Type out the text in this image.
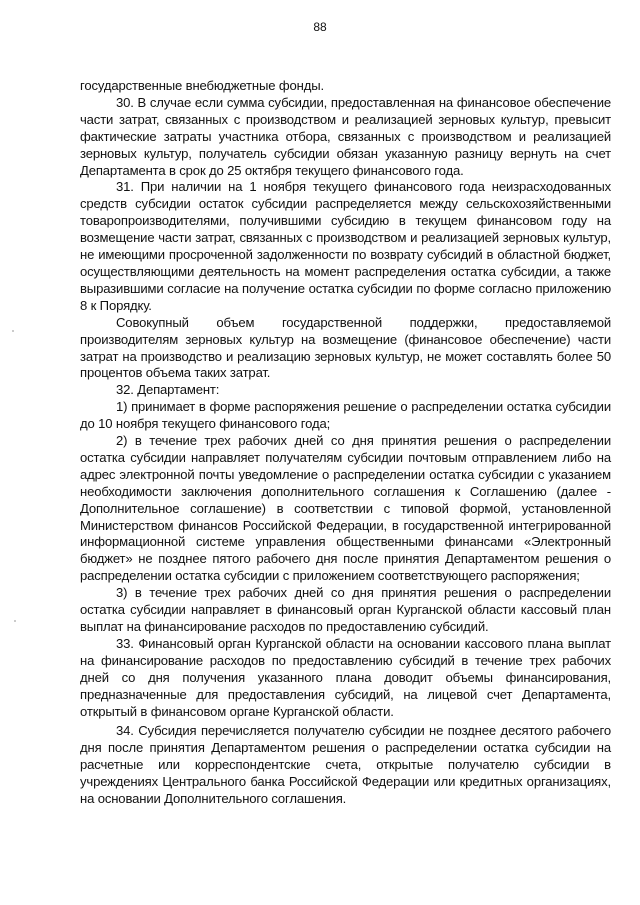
88

государственные внебюджетные фонды.

30. В случае если сумма субсидии, предоставленная на финансовое обеспечение части затрат, связанных с производством и реализацией зерновых культур, превысит фактические затраты участника отбора, связанных с производством и реализацией зерновых культур, получатель субсидии обязан указанную разницу вернуть на счет Департамента в срок до 25 октября текущего финансового года.

31. При наличии на 1 ноября текущего финансового года неизрасходованных средств субсидии остаток субсидии распределяется между сельскохозяйственными товаропроизводителями, получившими субсидию в текущем финансовом году на возмещение части затрат, связанных с производством и реализацией зерновых культур, не имеющими просроченной задолженности по возврату субсидий в областной бюджет, осуществляющими деятельность на момент распределения остатка субсидии, а также выразившими согласие на получение остатка субсидии по форме согласно приложению 8 к Порядку.

Совокупный объем государственной поддержки, предоставляемой производителям зерновых культур на возмещение (финансовое обеспечение) части затрат на производство и реализацию зерновых культур, не может составлять более 50 процентов объема таких затрат.

32. Департамент:

1) принимает в форме распоряжения решение о распределении остатка субсидии до 10 ноября текущего финансового года;

2) в течение трех рабочих дней со дня принятия решения о распределении остатка субсидии направляет получателям субсидии почтовым отправлением либо на адрес электронной почты уведомление о распределении остатка субсидии с указанием необходимости заключения дополнительного соглашения к Соглашению (далее - Дополнительное соглашение) в соответствии с типовой формой, установленной Министерством финансов Российской Федерации, в государственной интегрированной информационной системе управления общественными финансами «Электронный бюджет» не позднее пятого рабочего дня после принятия Департаментом решения о распределении остатка субсидии с приложением соответствующего распоряжения;

3) в течение трех рабочих дней со дня принятия решения о распределении остатка субсидии направляет в финансовый орган Курганской области кассовый план выплат на финансирование расходов по предоставлению субсидий.

33. Финансовый орган Курганской области на основании кассового плана выплат на финансирование расходов по предоставлению субсидий в течение трех рабочих дней со дня получения указанного плана доводит объемы финансирования, предназначенные для предоставления субсидий, на лицевой счет Департамента, открытый в финансовом органе Курганской области.

34. Субсидия перечисляется получателю субсидии не позднее десятого рабочего дня после принятия Департаментом решения о распределении остатка субсидии на расчетные или корреспондентские счета, открытые получателю субсидии в учреждениях Центрального банка Российской Федерации или кредитных организациях, на основании Дополнительного соглашения.
